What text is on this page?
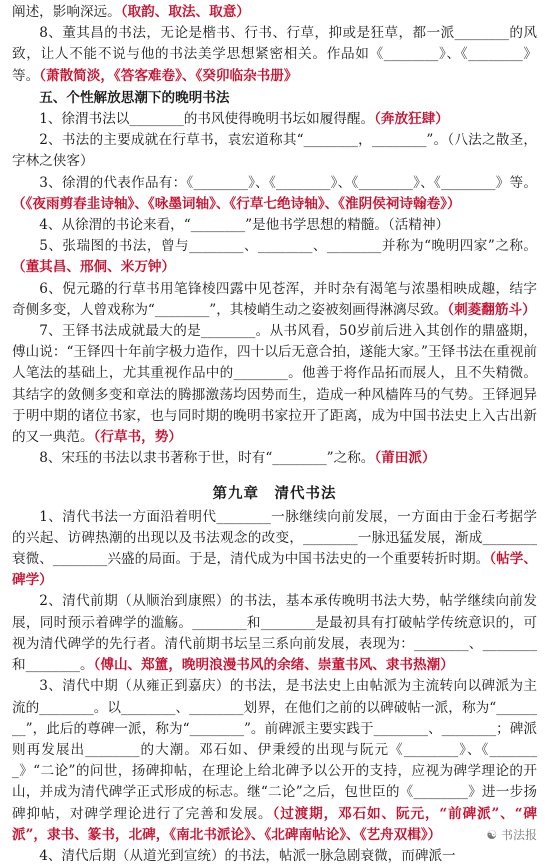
阐述，影响深远。（取韵、取法、取意）

8、董其昌的书法，无论是楷书、行书、行草，抑或是狂草，都一派________的风致，让人不能不说与他的书法美学思想紧密相关。作品如《________》、《________》等。（萧散简淡，《答客难卷》、《癸卯临杂书册》

五、个性解放思潮下的晚明书法

1、徐渭书法以________的书风使得晚明书坛如履得醒。（奔放狂肆）

2、书法的主要成就在行草书，袁宏道称其“________，________”。（八法之散圣，字林之侠客）

3、徐渭的代表作品有：《________》、《________》、《________》、《________》等。（《夜雨剪春韭诗轴》、《咏墨词轴》、《行草七绝诗轴》、《淮阴侯祠诗翰卷》）

4、从徐渭的书论来看，“________”是他书学思想的精髓。（活精神）

5、张瑞图的书法，曾与________、________、________并称为“晚明四家”之称。（董其昌、邢侗、米万钟）

6、倪元璐的行草书用笔锋棱四露中见苍浑，并时杂有渴笔与浓墨相映成趣，结字奇侧多变，人曾戏称为“________”，其棱峭生动之姿被刻画得淋漓尽致。（刺菱翻筋斗）

7、王铎书法成就最大的是________。从书风看，50岁前后进入其创作的鼎盛期，傅山说：“王铎四十年前字极力造作，四十以后无意合拍，遂能大家。”王铎书法在重视前人笔法的基础上，尤其重视作品中的________。他善于将作品拓而展人，且不失精微。其结字的敛侧多变和章法的腾挪激荡均因势而生，造成一种风樯阵马的气势。王铎迥异于明中期的诸位书家，也与同时期的晚明书家拉开了距离，成为中国书法史上入古出新的又一典范。（行草书，势）

8、宋珏的书法以隶书著称于世，时有“________”之称。（莆田派）

第九章　清代书法

1、清代书法一方面沿着明代________一脉继续向前发展，一方面由于金石考据学的兴起、访碑热潮的出现以及书法观念的改变，________一脉迅猛发展，渐成________衰微、________兴盛的局面。于是，清代成为中国书法史的一个重要转折时期。（帖学、碑学）

2、清代前期（从顺治到康熙）的书法，基本承传晚明书法大势，帖学继续向前发展，同时预示着碑学的滥觞。________和________是最初具有打破帖学传统意识的，可视为清代碑学的先行者。清代前期书坛呈三系向前发展，表现为：________、________和________。（傅山、郑簠，晚明浪漫书风的余绪、崇董书风、隶书热潮）

3、清代中期（从雍正到嘉庆）的书法，是书法史上由帖派为主流转向以碑派为主流的________。以________、________划界，在他们之前的以碑破帖一派，称为“________”，此后的尊碑一派，称为“________”。前碑派主要实践于________、________；碑派则再发展出________的大潮。邓石如、伊秉绶的出现与阮元《________》、《________》“二论”的问世，扬碑抑帖，在理论上给北碑予以公开的支持，应视为碑学理论的开山，并成为清代碑学正式形成的标志。继“二论”之后，包世臣的《________》进一步扬碑抑帖，对碑学理论进行了完善和发展。（过渡期，邓石如、阮元，“前碑派”、“碑派”，隶书、篆书，北碑，《南北书派论》、《北碑南帖论》、《艺舟双楫》）

4、清代后期（从道光到宣统）的书法，帖派一脉急剧衰微，而碑派一

☯ 书法报
